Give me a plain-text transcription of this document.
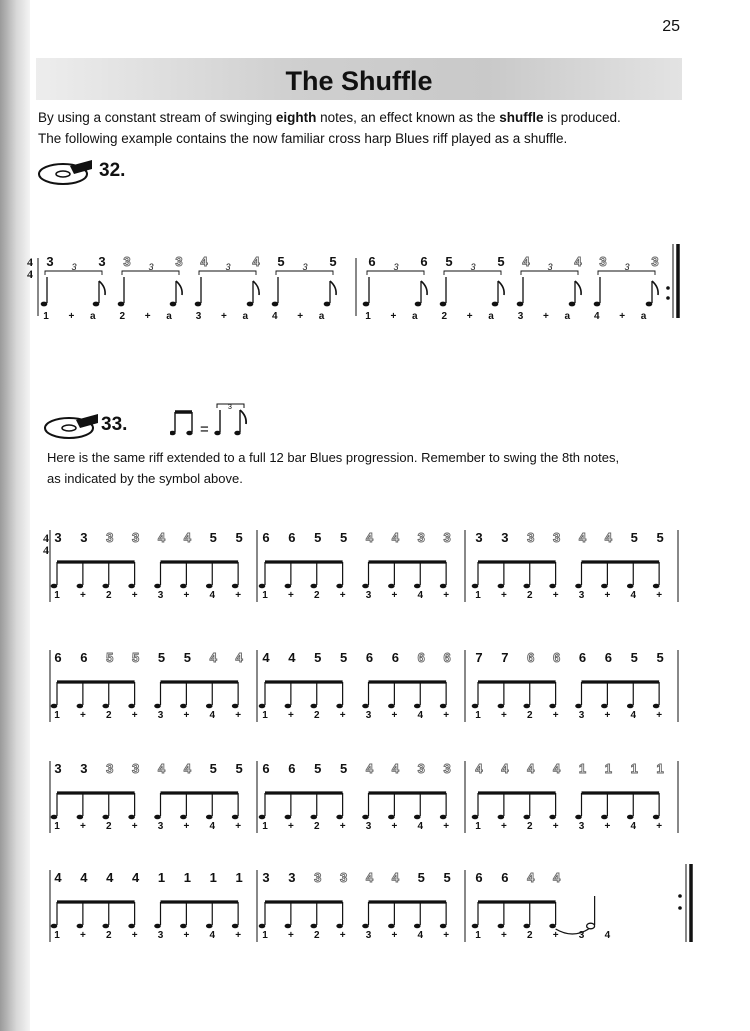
25
The Shuffle
By using a constant stream of swinging eighth notes, an effect known as the shuffle is produced.
The following example contains the now familiar cross harp Blues riff played as a shuffle.
32.
33.	=
3
Here is the same riff extended to a full 12 bar Blues progression. Remember to swing the 8th notes,
as indicated by the symbol above.
4
4
1 + a 2 + a 3 + a 4 + a
3	3
3	3	3
3	4	4
3	5	5
3
1 + a 2 + a 3 + a 4 + a
6	6
3	5	5
3	4	4
3	3	3
3
4
4
3 3 3 3 4 4 5 5
1 + 2 + 3 + 4 +
6 6 5 5 4 4 3 3
1 + 2 + 3 + 4 +
3 3 3 3 4 4 5 5
1 + 2 + 3 + 4 +
6 6 5 5 5 5 4 4
1 + 2 + 3 + 4 +
4 4 5 5 6 6 6 6
1 + 2 + 3 + 4 +
7 7 6 6 6 6 5 5
1 + 2 + 3 + 4 +
3 3 3 3 4 4 5 5
1 + 2 + 3 + 4 +
6 6 5 5 4 4 3 3
1 + 2 + 3 + 4 +
4 4 4 4 1 1 1 1
1 + 2 + 3 + 4 +
4 4 4 4 1 1 1 1
1 + 2 + 3 + 4 +
3 3 3 3 4 4 5 5
1 + 2 + 3 + 4 +
6 6 4 4
1 + 2 + 3 4
